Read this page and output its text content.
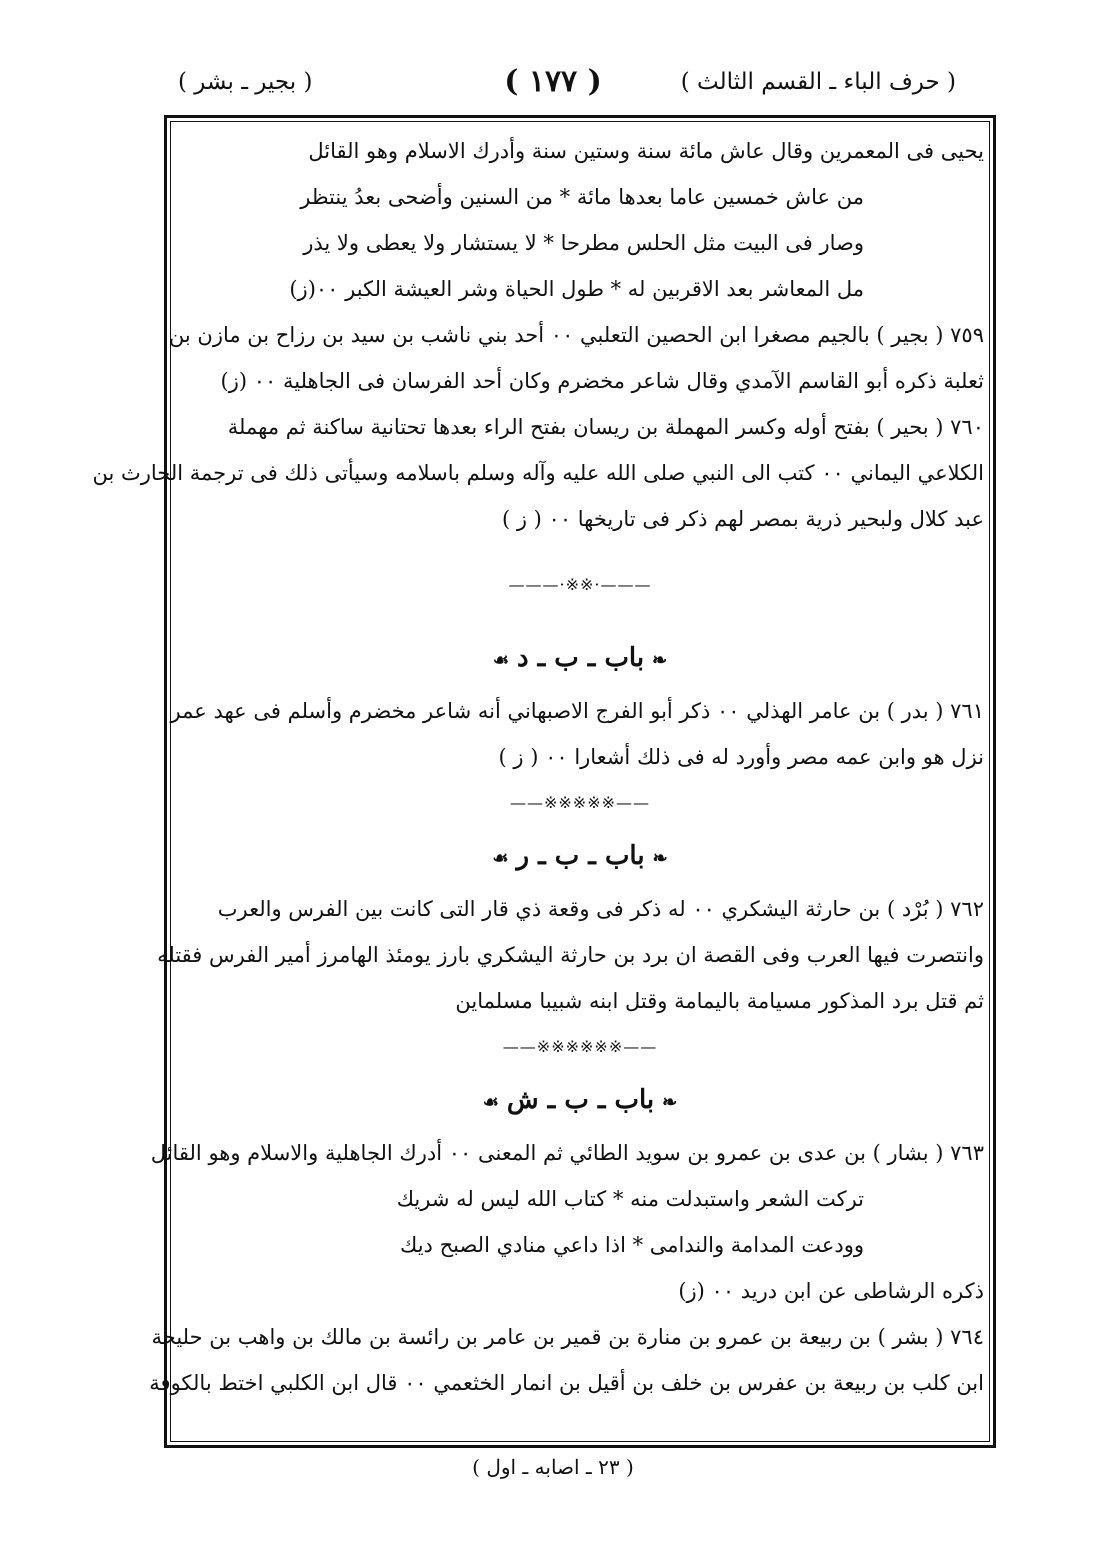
( حرف الباء ـ القسم الثالث )
( ١٧٧ )
( بجير ـ بشر )
يحيى فى المعمرين وقال عاش مائة سنة وستين سنة وأدرك الاسلام وهو القائل
من عاش خمسين عاما بعدها مائة * من السنين وأضحى بعدُ ينتظر
وصار فى البيت مثل الحلس مطرحا * لا يستشار ولا يعطى ولا يذر
مل المعاشر بعد الاقربين له * طول الحياة وشر العيشة الكبر ٠٠(ز)
٧٥٩ ( بجير ) بالجيم مصغرا ابن الحصين التعلبي ٠٠ أحد بني ناشب بن سيد بن رزاح بن مازن بن
ثعلبة ذكره أبو القاسم الآمدي وقال شاعر مخضرم وكان أحد الفرسان فى الجاهلية ٠٠ (ز)
٧٦٠ ( بحير ) بفتح أوله وكسر المهملة بن ريسان بفتح الراء بعدها تحتانية ساكنة ثم مهملة
الكلاعي اليماني ٠٠ كتب الى النبي صلى الله عليه وآله وسلم باسلامه وسيأتى ذلك فى ترجمة الحارث بن
عبد كلال ولبحير ذرية بمصر لهم ذكر فى تاريخها ٠٠ ( ز )
———·※※·———
❧باب ـ ب ـ د☙
٧٦١ ( بدر ) بن عامر الهذلي ٠٠ ذكر أبو الفرج الاصبهاني أنه شاعر مخضرم وأسلم فى عهد عمر
نزل هو وابن عمه مصر وأورد له فى ذلك أشعارا ٠٠ ( ز )
——※※※※※——
❧باب ـ ب ـ ر☙
٧٦٢ ( بُرْد ) بن حارثة اليشكري ٠٠ له ذكر فى وقعة ذي قار التى كانت بين الفرس والعرب
وانتصرت فيها العرب وفى القصة ان برد بن حارثة اليشكري بارز يومئذ الهامرز أمير الفرس فقتله
ثم قتل برد المذكور مسيامة باليمامة وقتل ابنه شبيبا مسلماين
——※※※※※※——
❧باب ـ ب ـ ش☙
٧٦٣ ( بشار ) بن عدى بن عمرو بن سويد الطائي ثم المعنى ٠٠ أدرك الجاهلية والاسلام وهو القائل
تركت الشعر واستبدلت منه * كتاب الله ليس له شريك
وودعت المدامة والندامى * اذا داعي منادي الصبح ديك
ذكره الرشاطى عن ابن دريد ٠٠ (ز)
٧٦٤ ( بشر ) بن ربيعة بن عمرو بن منارة بن قمير بن عامر بن رائسة بن مالك بن واهب بن حليحة
ابن كلب بن ربيعة بن عفرس بن خلف بن أقيل بن انمار الخثعمي ٠٠ قال ابن الكلبي اختط بالكوفة
( ٢٣ ـ اصابه ـ اول )
